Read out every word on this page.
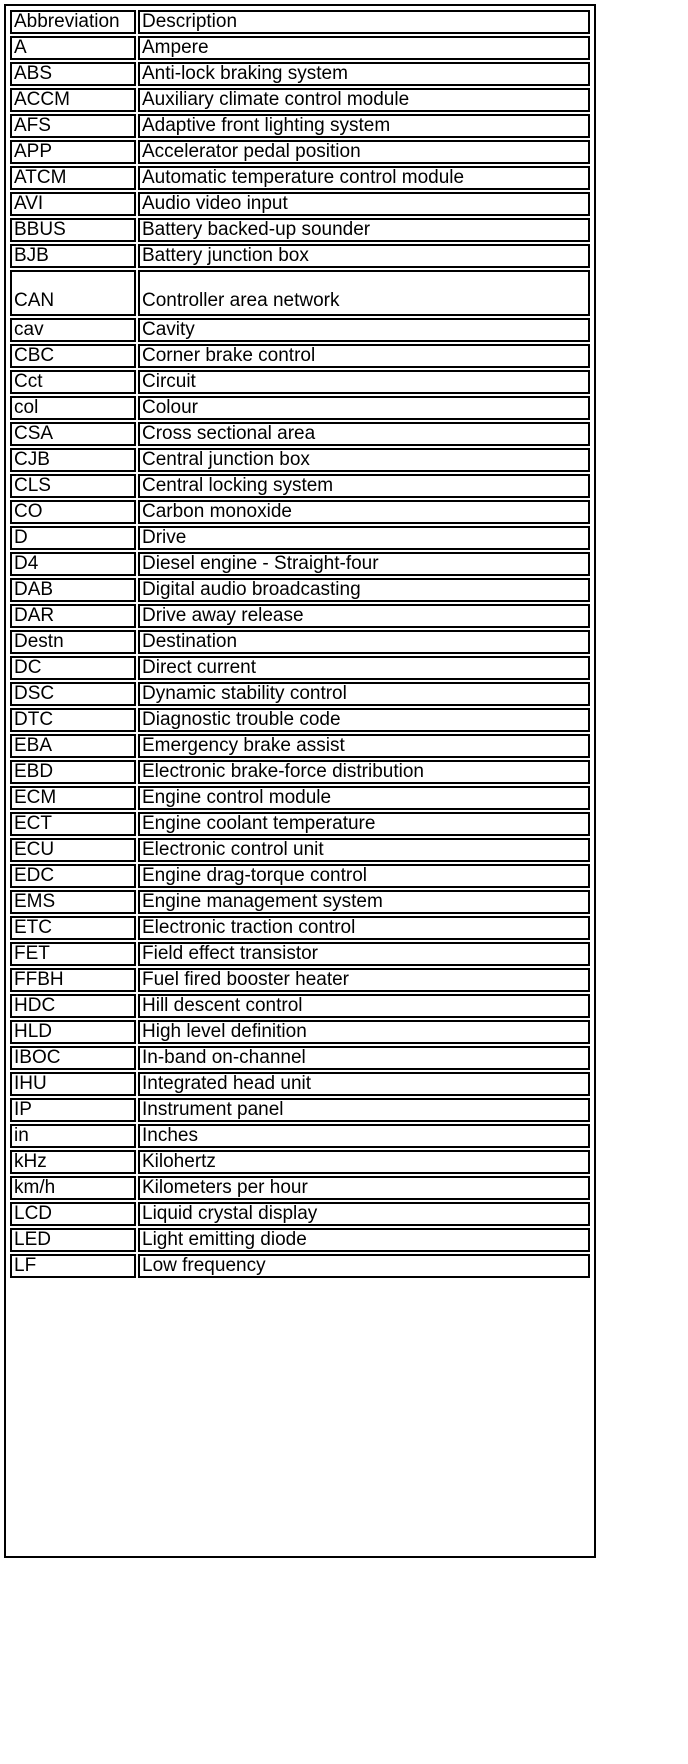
Abbreviation	Description
A	Ampere
ABS	Anti-lock braking system
ACCM	Auxiliary climate control module
AFS	Adaptive front lighting system
APP	Accelerator pedal position
ATCM	Automatic temperature control module
AVI	Audio video input
BBUS	Battery backed-up sounder
BJB	Battery junction box
CAN	Controller area network
cav	Cavity
CBC	Corner brake control
Cct	Circuit
col	Colour
CSA	Cross sectional area
CJB	Central junction box
CLS	Central locking system
CO	Carbon monoxide
D	Drive
D4	Diesel engine - Straight-four
DAB	Digital audio broadcasting
DAR	Drive away release
Destn	Destination
DC	Direct current
DSC	Dynamic stability control
DTC	Diagnostic trouble code
EBA	Emergency brake assist
EBD	Electronic brake-force distribution
ECM	Engine control module
ECT	Engine coolant temperature
ECU	Electronic control unit
EDC	Engine drag-torque control
EMS	Engine management system
ETC	Electronic traction control
FET	Field effect transistor
FFBH	Fuel fired booster heater
HDC	Hill descent control
HLD	High level definition
IBOC	In-band on-channel
IHU	Integrated head unit
IP	Instrument panel
in	Inches
kHz	Kilohertz
km/h	Kilometers per hour
LCD	Liquid crystal display
LED	Light emitting diode
LF	Low frequency
